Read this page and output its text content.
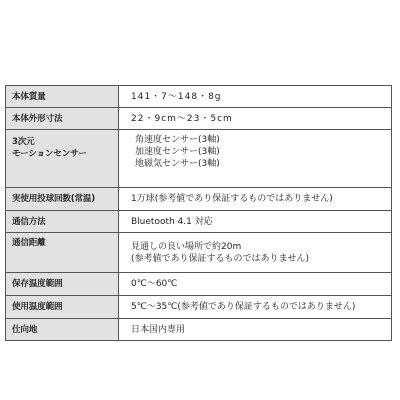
本体質量	141・7〜148・8g

本体外形寸法	22・9cm〜23・5cm

3次元
モーションセンサー	角速度センサー(3軸)
加速度センサー(3軸)
地磁気センサー(3軸)

実使用投球回数(常温)	1万球(参考値であり保証するものではありません)

通信方法	Bluetooth 4.1 対応

通信距離	見通しの良い場所で約20m
(参考値であり保証するものではありません)

保存温度範囲	0℃〜60℃

使用温度範囲	5℃〜35℃(参考値であり保証するものではありません)

仕向地	日本国内専用
